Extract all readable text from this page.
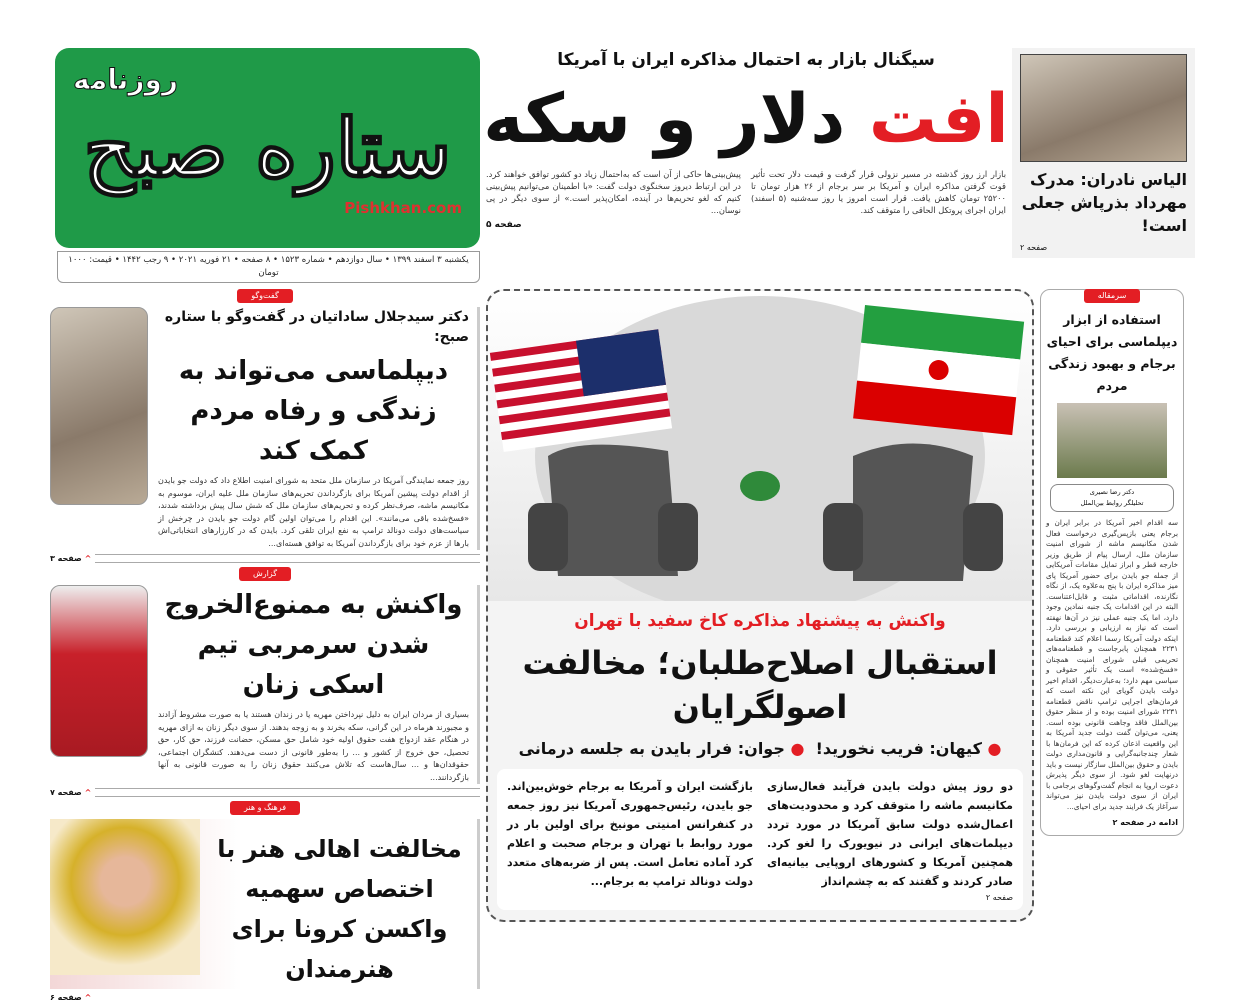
روزنامه
ستاره صبح
Pishkhan.com
یکشنبه ۳ اسفند ۱۳۹۹ • سال دوازدهم • شماره ۱۵۲۳ • ۸ صفحه • ۲۱ فوریه ۲۰۲۱ • ۹ رجب ۱۴۴۲ • قیمت: ۱۰۰۰ تومان
سیگنال بازار به احتمال مذاکره ایران با آمریکا
افت دلار و سکه
بازار ارز روز گذشته در مسیر نزولی قرار گرفت و قیمت دلار تحت تأثیر قوت گرفتن مذاکره ایران و آمریکا بر سر برجام از ۲۶ هزار تومان تا ۲۵۲۰۰ تومان کاهش یافت. قرار است امروز یا روز سه‌شنبه (۵ اسفند) ایران اجرای پروتکل الحاقی را متوقف کند.
پیش‌بینی‌ها حاکی از آن است که به‌احتمال زیاد دو کشور توافق خواهند کرد. در این ارتباط دیروز سخنگوی دولت گفت: «با اطمینان می‌توانیم پیش‌بینی کنیم که لغو تحریم‌ها در آینده، امکان‌پذیر است.» از سوی دیگر در پی نوسان...
صفحه ۵
الیاس نادران: مدرک مهرداد بذرپاش جعلی است!
صفحه ۲
گفت‌وگو
دکتر سیدجلال ساداتیان در گفت‌وگو با ستاره صبح:
دیپلماسی می‌تواند به زندگی و رفاه مردم کمک کند
روز جمعه نمایندگی آمریکا در سازمان ملل متحد به شورای امنیت اطلاع داد که دولت جو بایدن از اقدام دولت پیشین آمریکا برای بازگرداندن تحریم‌های سازمان ملل علیه ایران، موسوم به مکانیسم ماشه، صرف‌نظر کرده و تحریم‌های سازمان ملل که شش سال پیش برداشته شدند، «فسخ‌شده باقی می‌مانند». این اقدام را می‌توان اولین گام دولت جو بایدن در چرخش از سیاست‌های دولت دونالد ترامپ به نفع ایران تلقی کرد. بایدن که در کارزارهای انتخاباتی‌اش بارها از عزم خود برای بازگرداندن آمریکا به توافق هسته‌ای...
^ صفحه ۳
گزارش
واکنش به ممنوع‌الخروج شدن سرمربی تیم اسکی زنان
بسیاری از مردان ایران به دلیل نپرداختن مهریه یا در زندان هستند یا به صورت مشروط آزادند و مجبورند هرماه در این گرانی، سکه بخرند و به زوجه بدهند. از سوی دیگر زنان به ازای مهریه در هنگام عقد ازدواج هفت حقوق اولیه خود شامل حق مسکن، حضانت فرزند، حق کار، حق تحصیل، حق خروج از کشور و ... را به‌طور قانونی از دست می‌دهند. کنشگران اجتماعی، حقوقدان‌ها و ... سال‌هاست که تلاش می‌کنند حقوق زنان را به صورت قانونی به آنها بازگردانند...
^ صفحه ۷
فرهنگ و هنر
مخالفت اهالی هنر با اختصاص سهمیه واکسن کرونا برای هنرمندان
^ صفحه ۶
واکنش به پیشنهاد مذاکره کاخ سفید با تهران
استقبال اصلاح‌طلبان؛ مخالفت اصولگرایان
● کیهان: فریب نخورید!  ● جوان: فرار بایدن به جلسه درمانی
دو روز پیش دولت بایدن فرآیند فعال‌سازی مکانیسم ماشه را متوقف کرد و محدودیت‌های اعمال‌شده دولت سابق آمریکا در مورد تردد دیپلمات‌های ایرانی در نیویورک را لغو کرد. همچنین آمریکا و کشورهای اروپایی بیانیه‌ای صادر کردند و گفتند که به چشم‌انداز
بازگشت ایران و آمریکا به برجام خوش‌بین‌اند. جو بایدن، رئیس‌جمهوری آمریکا نیز روز جمعه در کنفرانس امنیتی مونیخ برای اولین بار در مورد روابط با تهران و برجام صحبت و اعلام کرد آماده تعامل است. پس از ضربه‌های متعدد دولت دونالد ترامپ به برجام...
صفحه ۲
سرمقاله
استفاده از ابزار دیپلماسی برای احیای برجام و بهبود زندگی مردم
دکتر رضا نصیری
تحلیلگر روابط بین‌الملل
سه اقدام اخیر آمریکا در برابر ایران و برجام یعنی بازپس‌گیری درخواست فعال شدن مکانیسم ماشه از شورای امنیت سازمان ملل، ارسال پیام از طریق وزیر خارجه قطر و ابراز تمایل مقامات آمریکایی از جمله جو بایدن برای حضور آمریکا پای میز مذاکره ایران با پنج به‌علاوه یک، از نگاه نگارنده، اقداماتی مثبت و قابل‌اعتناست. البته در این اقدامات یک جنبه نمادین وجود دارد، اما یک جنبه عملی نیز در آن‌ها نهفته است که نیاز به ارزیابی و بررسی دارد. اینکه دولت آمریکا رسما اعلام کند قطعنامه ۲۲۳۱ همچنان پابرجاست و قطعنامه‌های تحریمی قبلی شورای امنیت همچنان «فسخ‌شده» است یک تأثیر حقوقی و سیاسی مهم دارد؛ به‌عبارت‌دیگر، اقدام اخیر دولت بایدن گویای این نکته است که فرمان‌های اجرایی ترامپ ناقض قطعنامه ۲۲۳۱ شورای امنیت بوده و از منظر حقوق بین‌الملل فاقد وجاهت قانونی بوده است. یعنی، می‌توان گفت دولت جدید آمریکا به این واقعیت اذعان کرده که این فرمان‌ها با شعار چندجانبه‌گرایی و قانون‌مداری دولت بایدن و حقوق بین‌الملل سازگار نیست و باید درنهایت لغو شود. از سوی دیگر پذیرش دعوت اروپا به انجام گفت‌وگوهای برجامی با ایران از سوی دولت بایدن نیز می‌تواند سرآغاز یک فرایند جدید برای احیای...
ادامه در صفحه ۲
